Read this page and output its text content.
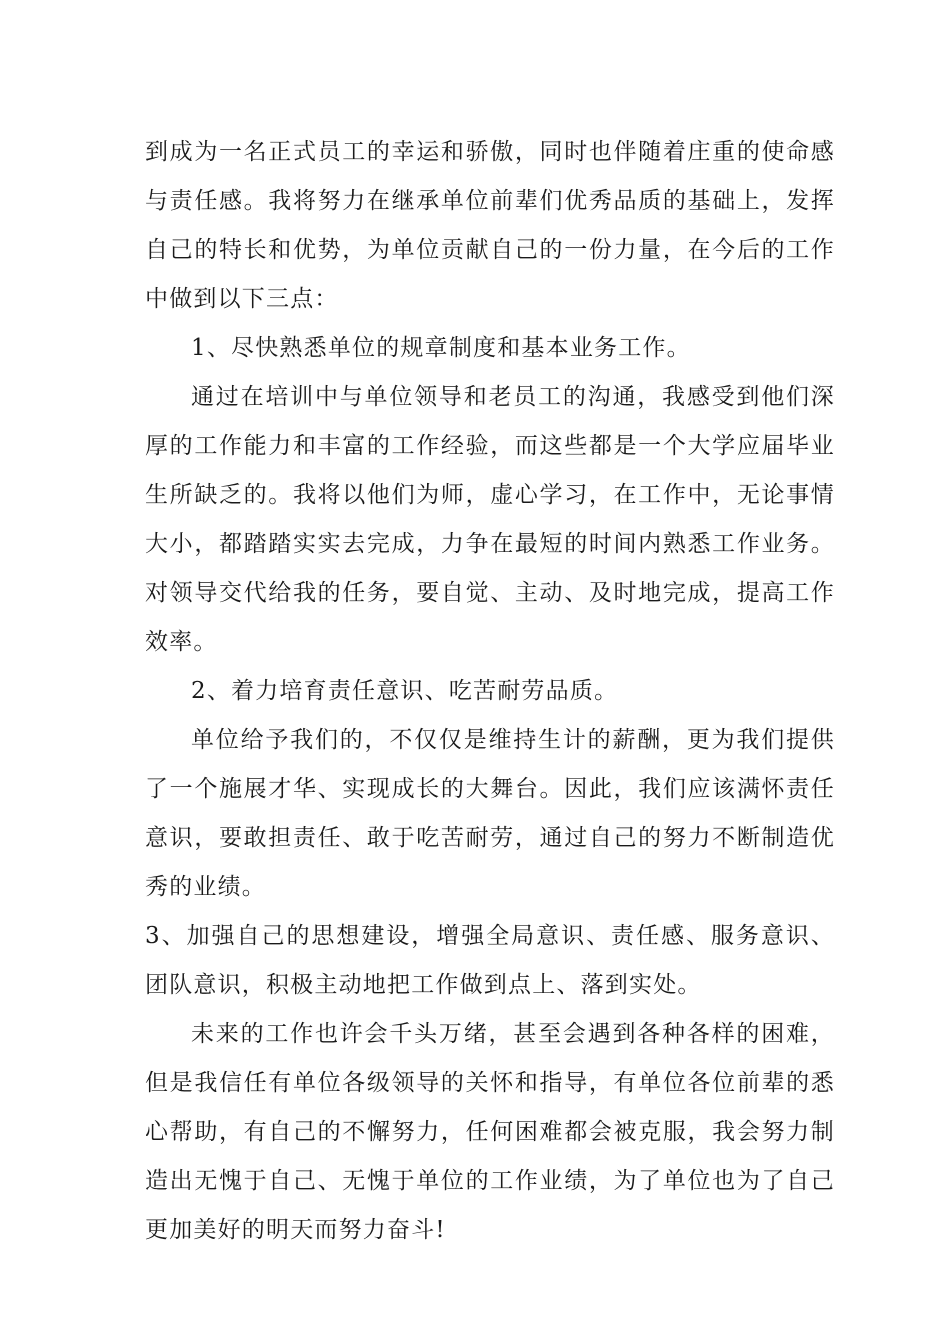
到成为一名正式员工的幸运和骄傲，同时也伴随着庄重的使命感与责任感。我将努力在继承单位前辈们优秀品质的基础上，发挥自己的特长和优势，为单位贡献自己的一份力量，在今后的工作中做到以下三点：

1、尽快熟悉单位的规章制度和基本业务工作。

通过在培训中与单位领导和老员工的沟通，我感受到他们深厚的工作能力和丰富的工作经验，而这些都是一个大学应届毕业生所缺乏的。我将以他们为师，虚心学习，在工作中，无论事情大小，都踏踏实实去完成，力争在最短的时间内熟悉工作业务。对领导交代给我的任务，要自觉、主动、及时地完成，提高工作效率。

2、着力培育责任意识、吃苦耐劳品质。

单位给予我们的，不仅仅是维持生计的薪酬，更为我们提供了一个施展才华、实现成长的大舞台。因此，我们应该满怀责任意识，要敢担责任、敢于吃苦耐劳，通过自己的努力不断制造优秀的业绩。

3、加强自己的思想建设，增强全局意识、责任感、服务意识、团队意识，积极主动地把工作做到点上、落到实处。

未来的工作也许会千头万绪，甚至会遇到各种各样的困难，但是我信任有单位各级领导的关怀和指导，有单位各位前辈的悉心帮助，有自己的不懈努力，任何困难都会被克服，我会努力制造出无愧于自己、无愧于单位的工作业绩，为了单位也为了自己更加美好的明天而努力奋斗!
